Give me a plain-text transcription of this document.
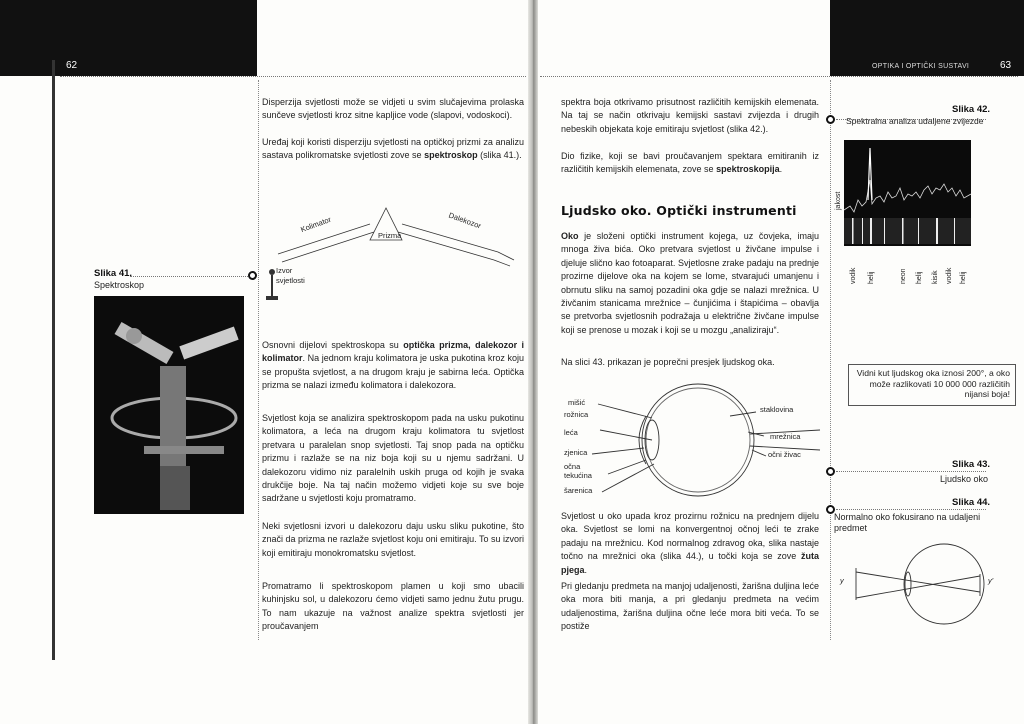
62	OPTIKA I OPTIČKI SUSTAVI	63

Disperzija svjetlosti može se vidjeti u svim slučajevima prolaska sunčeve svjetlosti kroz sitne kapljice vode (slapovi, vodoskoci).

Uređaj koji koristi disperziju svjetlosti na optičkoj prizmi za analizu sastava polikromatske svjetlosti zove se spektroskop (slika 41.).

Kolimator	Dalekozor
Prizma
Izvor svjetlosti
Slika 41.
Spektroskop

Osnovni dijelovi spektroskopa su optička prizma, dalekozor i kolimator. Na jednom kraju kolimatora je uska pukotina kroz koju se propušta svjetlost, a na drugom kraju je sabirna leća. Optička prizma se nalazi između kolimatora i dalekozora.

Svjetlost koja se analizira spektroskopom pada na usku pukotinu kolimatora, a leća na drugom kraju kolimatora tu svjetlost pretvara u paralelan snop svjetlosti. Taj snop pada na optičku prizmu i razlaže se na niz boja koji su u njemu sadržani. U dalekozoru vidimo niz paralelnih uskih pruga od kojih je svaka drukčije boje. Na taj način možemo vidjeti koje su sve boje sadržane u svjetlosti koju promatramo.

Neki svjetlosni izvori u dalekozoru daju usku sliku pukotine, što znači da prizma ne razlaže svjetlost koju oni emitiraju. To su izvori koji emitiraju monokromatsku svjetlost.

Promatramo li spektroskopom plamen u koji smo ubacili kuhinjsku sol, u dalekozoru ćemo vidjeti samo jednu žutu prugu. To nam ukazuje na važnost analize spektra svjetlosti jer proučavanjem

spektra boja otkrivamo prisutnost različitih kemijskih elemenata. Na taj se način otkrivaju kemijski sastavi zvijezda i drugih nebeskih objekata koje emitiraju svjetlost (slika 42.).

Dio fizike, koji se bavi proučavanjem spektara emitiranih iz različitih kemijskih elemenata, zove se spektroskopija.

Ljudsko oko. Optički instrumenti

Oko je složeni optički instrument kojega, uz čovjeka, imaju mnoga živa bića. Oko pretvara svjetlost u živčane impulse i djeluje slično kao fotoaparat. Svjetlosne zrake padaju na prednje prozirne dijelove oka na kojem se lome, stvarajući umanjenu i obrnutu sliku na samoj pozadini oka gdje se nalazi mrežnica. U živčanim stanicama mrežnice – čunjićima i štapićima – obavlja se pretvorba svjetlosnih podražaja u električne živčane impulse koji se prenose u mozak i koji se u mozgu „analiziraju“.

Na slici 43. prikazan je poprečni presjek ljudskog oka.

mišić
rožnica
leća
zjenica
očna tekućina
šarenica
staklovina
mrežnica
očni živac

Svjetlost u oko upada kroz prozirnu rožnicu na prednjem dijelu oka. Svjetlost se lomi na konvergentnoj očnoj leći te zrake padaju na mrežnicu. Kod normalnog zdravog oka, slika nastaje točno na mrežnici oka (slika 44.), u točki koja se zove žuta pjega.

Pri gledanju predmeta na manjoj udaljenosti, žarišna duljina leće oka mora biti manja, a pri gledanju predmeta na većim udaljenostima, žarišna duljina očne leće mora biti veća. To se postiže

Slika 42.
Spektralna analiza udaljene zvijezde
jakost
vodik helij	neon helij kisik vodik helij
Vidni kut ljudskog oka iznosi 200°, a oko može razlikovati 10 000 000 različitih nijansi boja!
Slika 43.
Ljudsko oko
Slika 44.
Normalno oko fokusirano na udaljeni predmet
y	y'
